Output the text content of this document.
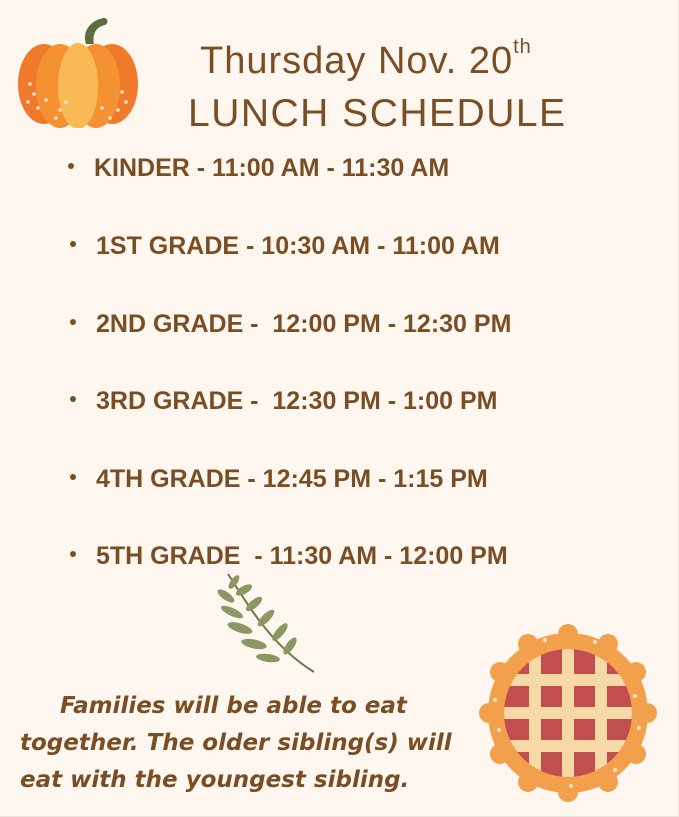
Thursday Nov. 20th
LUNCH SCHEDULE
KINDER - 11:00 AM - 11:30 AM
1ST GRADE - 10:30 AM - 11:00 AM
2ND GRADE -  12:00 PM - 12:30 PM
3RD GRADE -  12:30 PM - 1:00 PM
4TH GRADE - 12:45 PM - 1:15 PM
5TH GRADE  - 11:30 AM - 12:00 PM
Families will be able to eat
together. The older sibling(s) will
eat with the youngest sibling.
